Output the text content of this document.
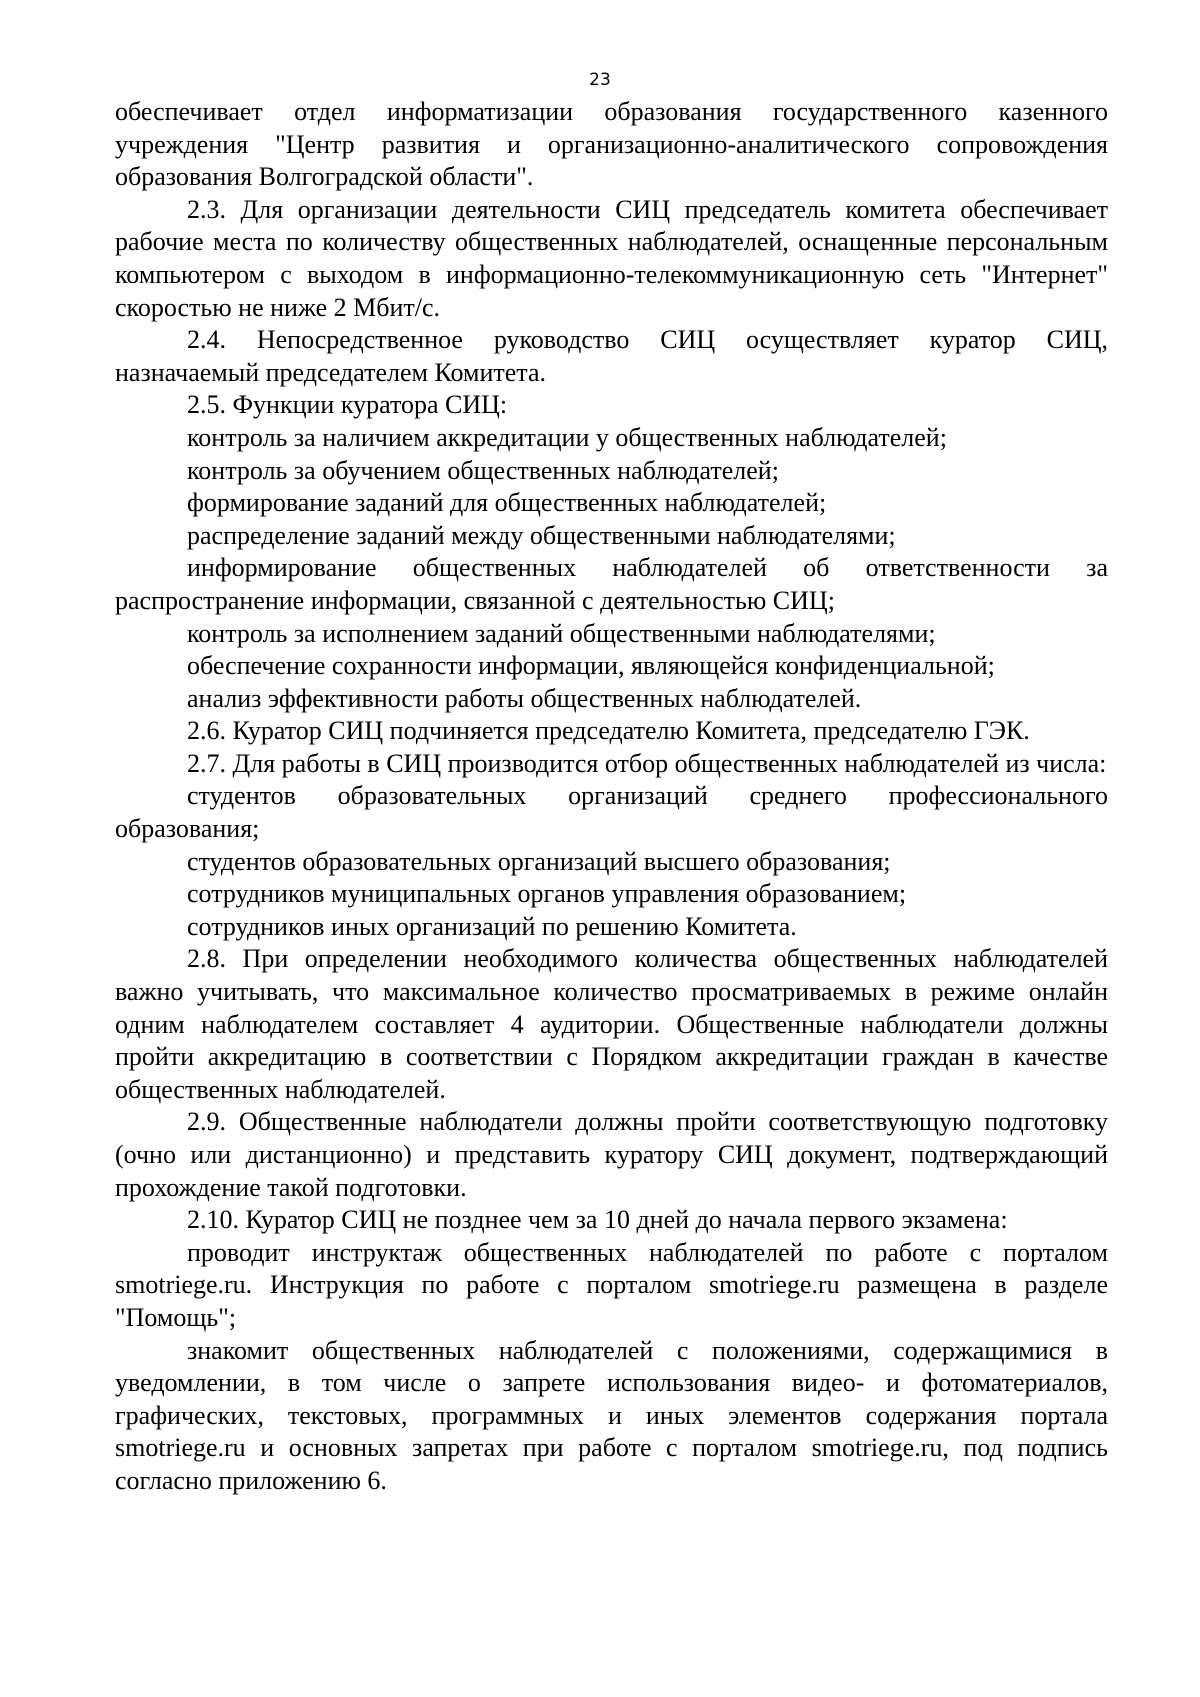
23

обеспечивает отдел информатизации образования государственного казенного учреждения "Центр развития и организационно-аналитического сопровождения образования Волгоградской области".

2.3. Для организации деятельности СИЦ председатель комитета обеспечивает рабочие места по количеству общественных наблюдателей, оснащенные персональным компьютером с выходом в информационно-телекоммуникационную сеть "Интернет" скоростью не ниже 2 Мбит/с.

2.4. Непосредственное руководство СИЦ осуществляет куратор СИЦ, назначаемый председателем Комитета.

2.5. Функции куратора СИЦ:

контроль за наличием аккредитации у общественных наблюдателей;

контроль за обучением общественных наблюдателей;

формирование заданий для общественных наблюдателей;

распределение заданий между общественными наблюдателями;

информирование общественных наблюдателей об ответственности за распространение информации, связанной с деятельностью СИЦ;

контроль за исполнением заданий общественными наблюдателями;

обеспечение сохранности информации, являющейся конфиденциальной;

анализ эффективности работы общественных наблюдателей.

2.6. Куратор СИЦ подчиняется председателю Комитета, председателю ГЭК.

2.7. Для работы в СИЦ производится отбор общественных наблюдателей из числа:

студентов образовательных организаций среднего профессионального образования;

студентов образовательных организаций высшего образования;

сотрудников муниципальных органов управления образованием;

сотрудников иных организаций по решению Комитета.

2.8. При определении необходимого количества общественных наблюдателей важно учитывать, что максимальное количество просматриваемых в режиме онлайн одним наблюдателем составляет 4 аудитории. Общественные наблюдатели должны пройти аккредитацию в соответствии с Порядком аккредитации граждан в качестве общественных наблюдателей.

2.9. Общественные наблюдатели должны пройти соответствующую подготовку (очно или дистанционно) и представить куратору СИЦ документ, подтверждающий прохождение такой подготовки.

2.10. Куратор СИЦ не позднее чем за 10 дней до начала первого экзамена:

проводит инструктаж общественных наблюдателей по работе с порталом smotriege.ru. Инструкция по работе с порталом smotriege.ru размещена в разделе "Помощь";

знакомит общественных наблюдателей с положениями, содержащимися в уведомлении, в том числе о запрете использования видео- и фотоматериалов, графических, текстовых, программных и иных элементов содержания портала smotriege.ru и основных запретах при работе с порталом smotriege.ru, под подпись согласно приложению 6.
